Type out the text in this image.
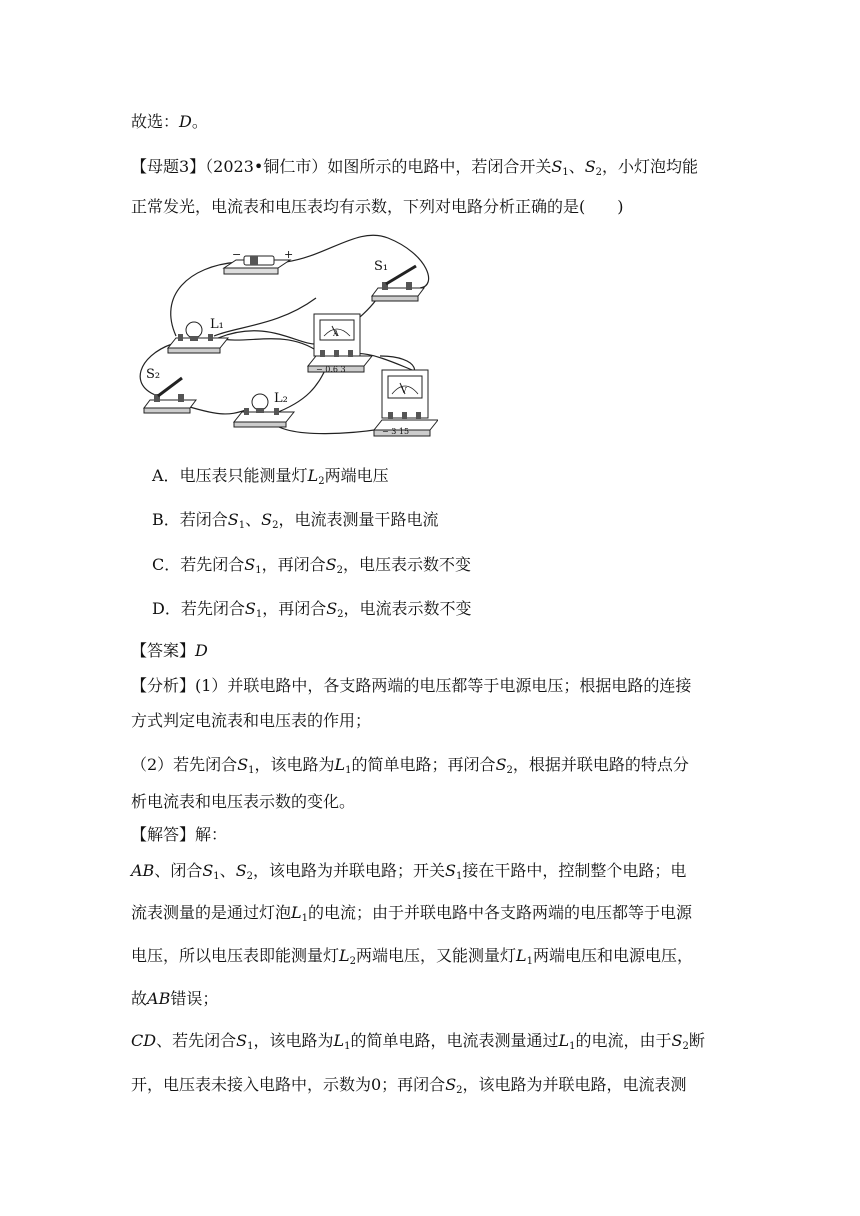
故选：D。
【母题3】（2023•铜仁市）如图所示的电路中，若闭合开关$S_1$、$S_2$，小灯泡均能
正常发光，电流表和电压表均有示数，下列对电路分析正确的是(　　)
−	+
S₁
L₁
A
− 0.6 3
S₂
L₂
V
− 3 15
A．电压表只能测量灯$L_2$两端电压
B．若闭合$S_1$、$S_2$，电流表测量干路电流
C．若先闭合$S_1$，再闭合$S_2$，电压表示数不变
D．若先闭合$S_1$，再闭合$S_2$，电流表示数不变
【答案】D
【分析】(1）并联电路中，各支路两端的电压都等于电源电压；根据电路的连接
方式判定电流表和电压表的作用；
（2）若先闭合$S_1$，该电路为$L_1$的简单电路；再闭合$S_2$，根据并联电路的特点分
析电流表和电压表示数的变化。
【解答】解：
AB、闭合$S_1$、$S_2$，该电路为并联电路；开关$S_1$接在干路中，控制整个电路；电
流表测量的是通过灯泡$L_1$的电流；由于并联电路中各支路两端的电压都等于电源
电压，所以电压表即能测量灯$L_2$两端电压，又能测量灯$L_1$两端电压和电源电压，
故AB错误；
CD、若先闭合$S_1$，该电路为$L_1$的简单电路，电流表测量通过$L_1$的电流，由于$S_2$断
开，电压表未接入电路中，示数为0；再闭合$S_2$，该电路为并联电路，电流表测
